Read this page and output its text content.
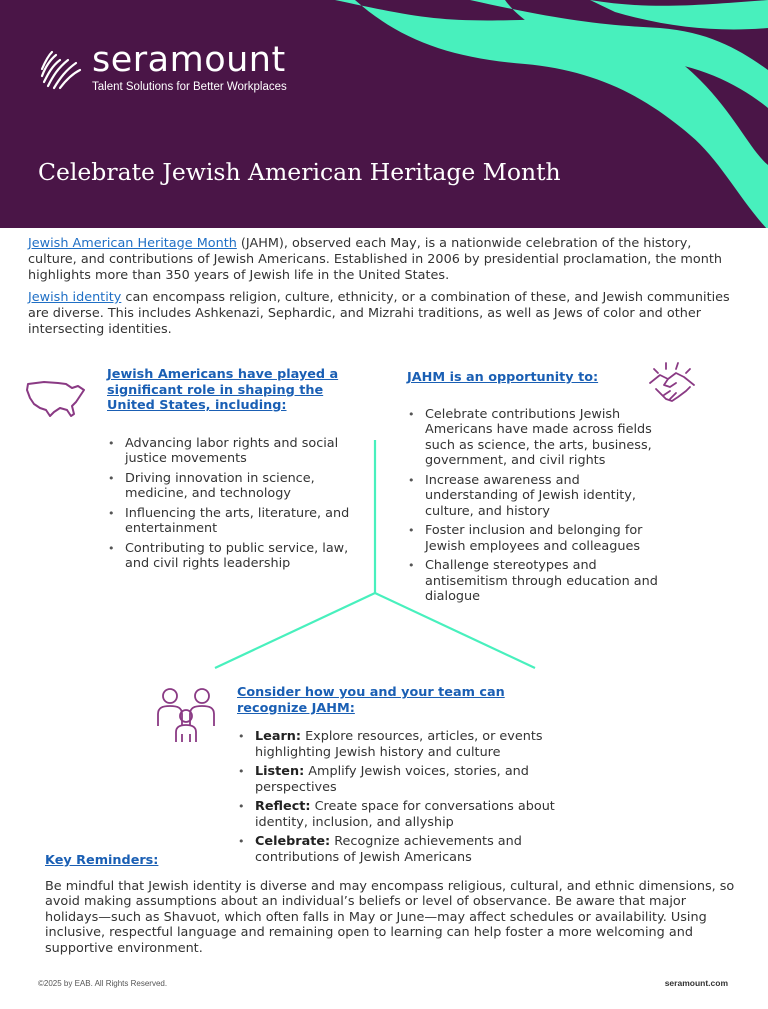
seramount
Talent Solutions for Better Workplaces
Celebrate Jewish American Heritage Month

Jewish American Heritage Month (JAHM), observed each May, is a nationwide celebration of the history, culture, and contributions of Jewish Americans. Established in 2006 by presidential proclamation, the month highlights more than 350 years of Jewish life in the United States.

Jewish identity can encompass religion, culture, ethnicity, or a combination of these, and Jewish communities are diverse. This includes Ashkenazi, Sephardic, and Mizrahi traditions, as well as Jews of color and other intersecting identities.

Jewish Americans have played a significant role in shaping the United States, including:
• Advancing labor rights and social justice movements
• Driving innovation in science, medicine, and technology
• Influencing the arts, literature, and entertainment
• Contributing to public service, law, and civil rights leadership
JAHM is an opportunity to:
• Celebrate contributions Jewish Americans have made across fields such as science, the arts, business, government, and civil rights
• Increase awareness and understanding of Jewish identity, culture, and history
• Foster inclusion and belonging for Jewish employees and colleagues
• Challenge stereotypes and antisemitism through education and dialogue
Consider how you and your team can recognize JAHM:
• Learn: Explore resources, articles, or events highlighting Jewish history and culture
• Listen: Amplify Jewish voices, stories, and perspectives
• Reflect: Create space for conversations about identity, inclusion, and allyship
• Celebrate: Recognize achievements and contributions of Jewish Americans
Key Reminders:

Be mindful that Jewish identity is diverse and may encompass religious, cultural, and ethnic dimensions, so avoid making assumptions about an individual’s beliefs or level of observance. Be aware that major holidays—such as Shavuot, which often falls in May or June—may affect schedules or availability. Using inclusive, respectful language and remaining open to learning can help foster a more welcoming and supportive environment.

©2025 by EAB. All Rights Reserved.	seramount.com
